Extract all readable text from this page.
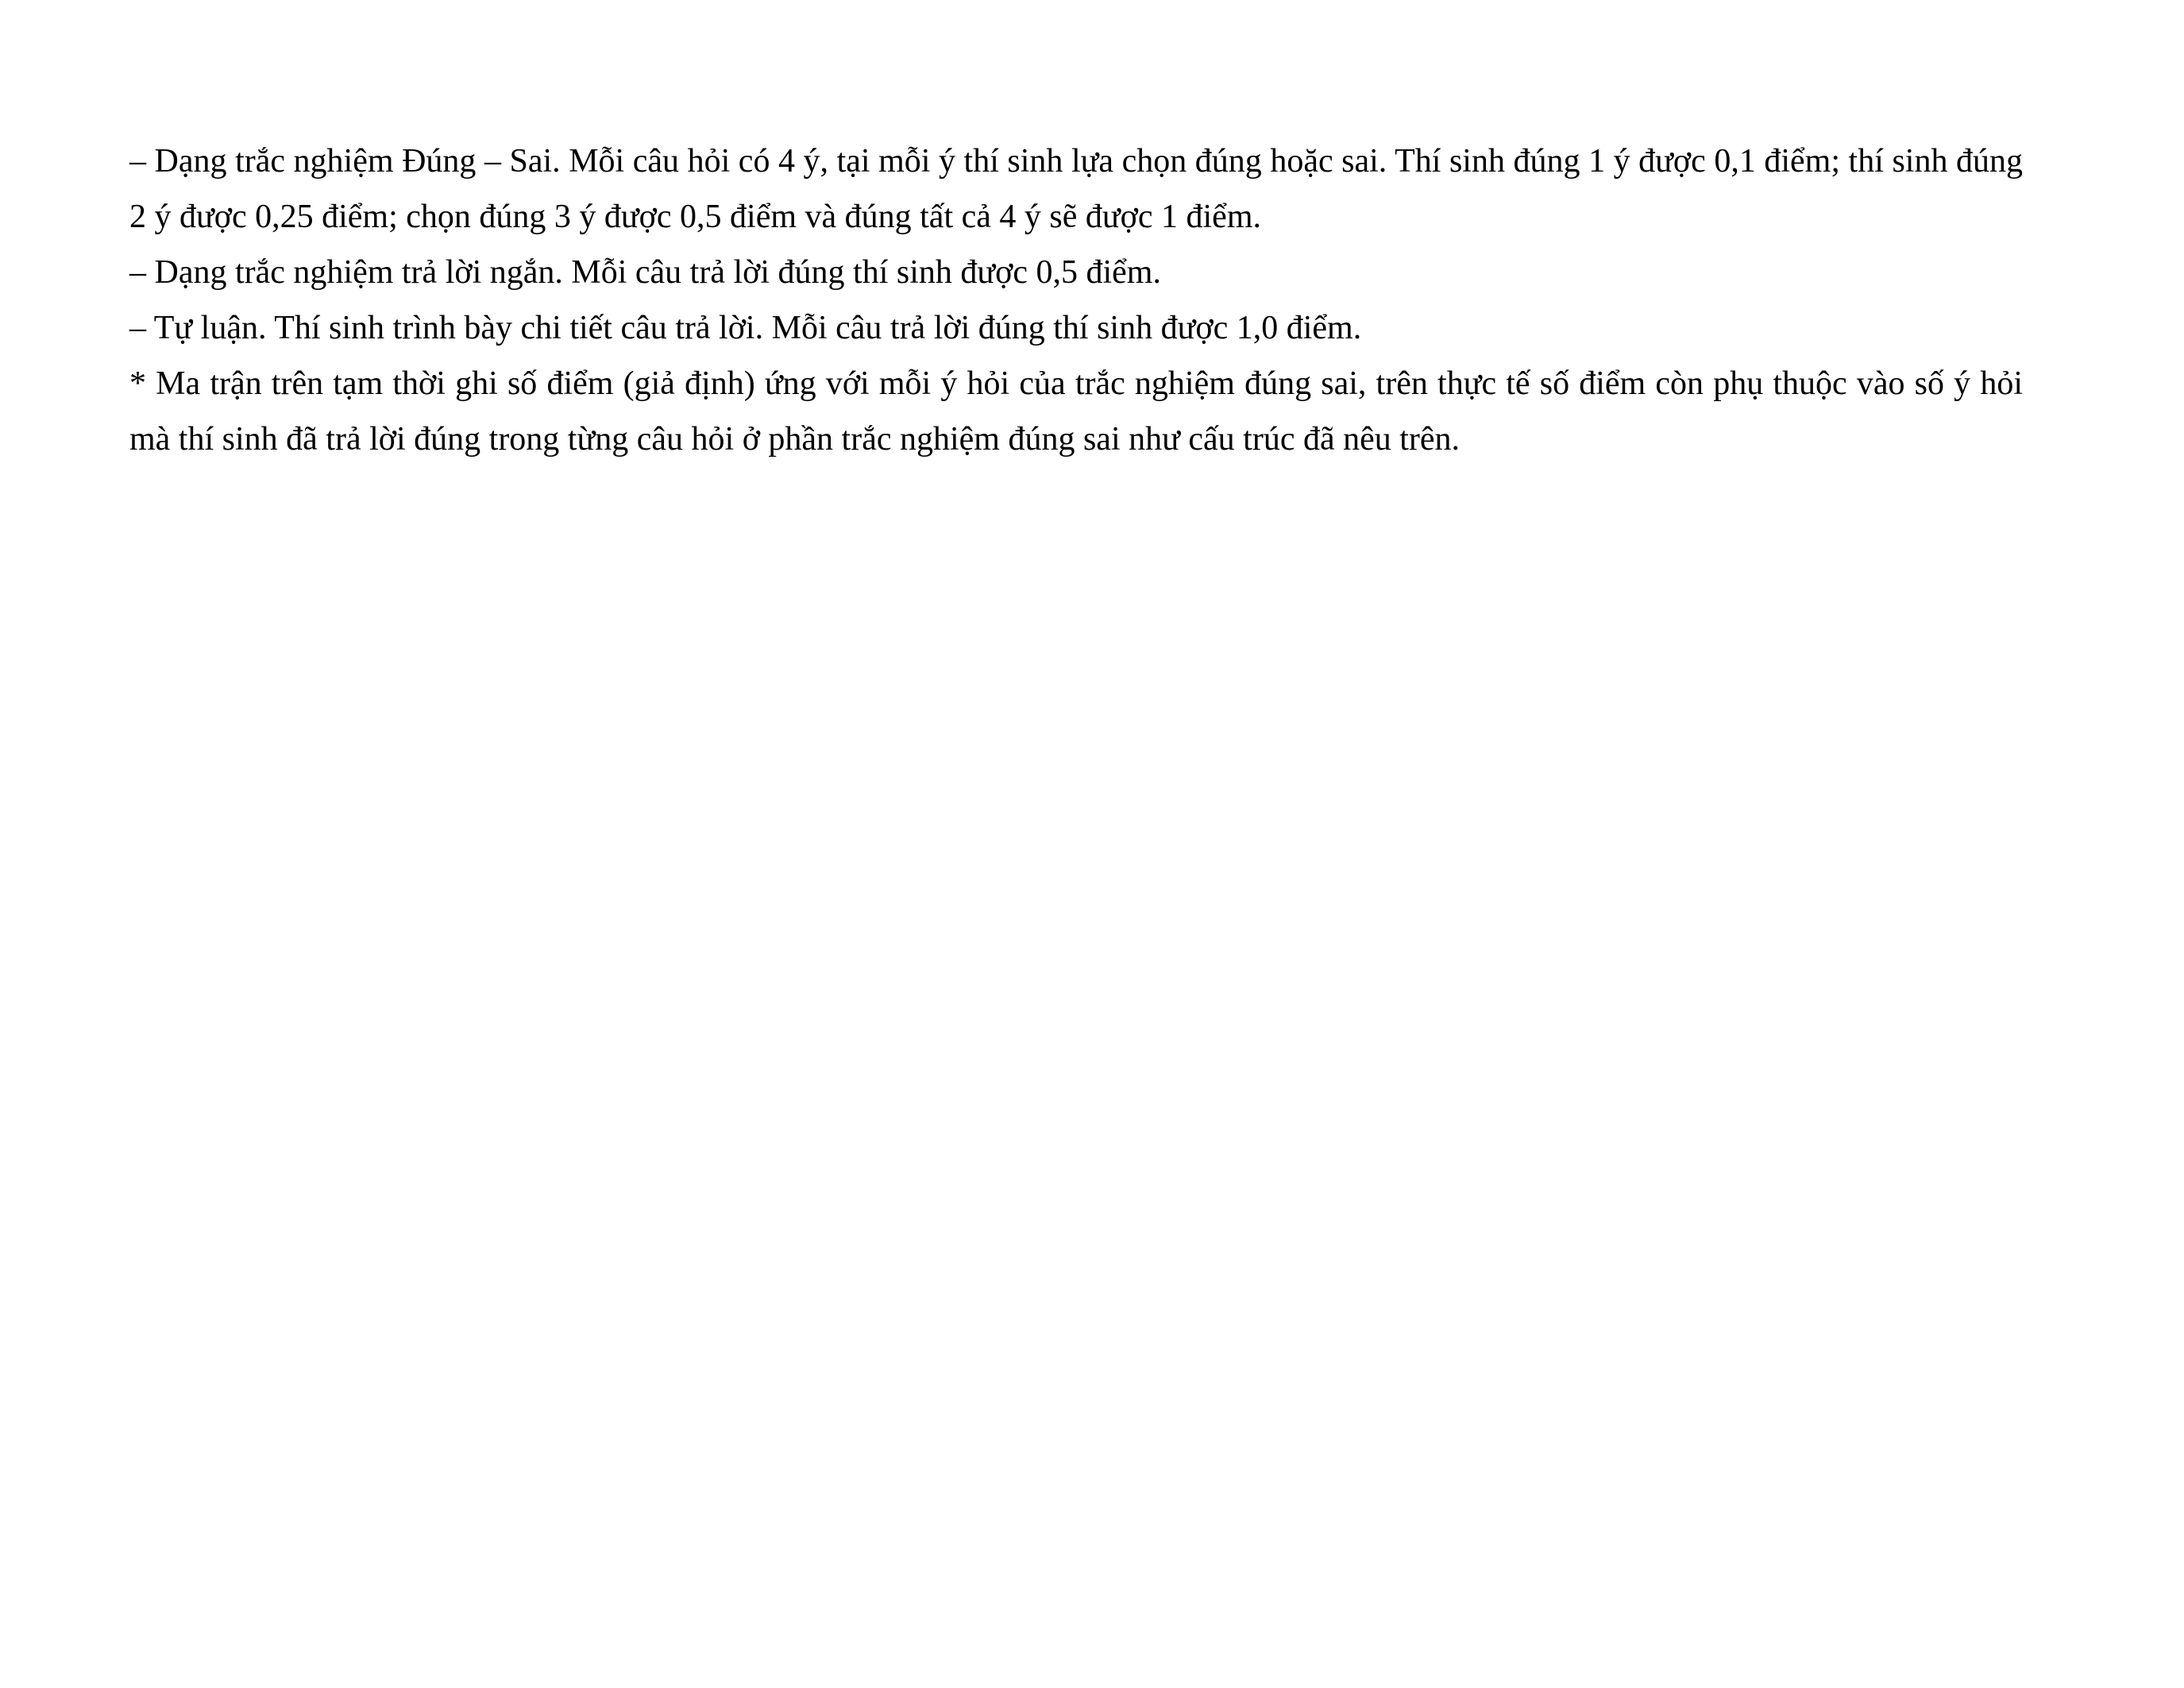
– Dạng trắc nghiệm Đúng – Sai. Mỗi câu hỏi có 4 ý, tại mỗi ý thí sinh lựa chọn đúng hoặc sai. Thí sinh đúng 1 ý được 0,1 điểm; thí sinh đúng 2 ý được 0,25 điểm; chọn đúng 3 ý được 0,5 điểm và đúng tất cả 4 ý sẽ được 1 điểm.

– Dạng trắc nghiệm trả lời ngắn. Mỗi câu trả lời đúng thí sinh được 0,5 điểm.

– Tự luận. Thí sinh trình bày chi tiết câu trả lời. Mỗi câu trả lời đúng thí sinh được 1,0 điểm.

* Ma trận trên tạm thời ghi số điểm (giả định) ứng với mỗi ý hỏi của trắc nghiệm đúng sai, trên thực tế số điểm còn phụ thuộc vào số ý hỏi mà thí sinh đã trả lời đúng trong từng câu hỏi ở phần trắc nghiệm đúng sai như cấu trúc đã nêu trên.
